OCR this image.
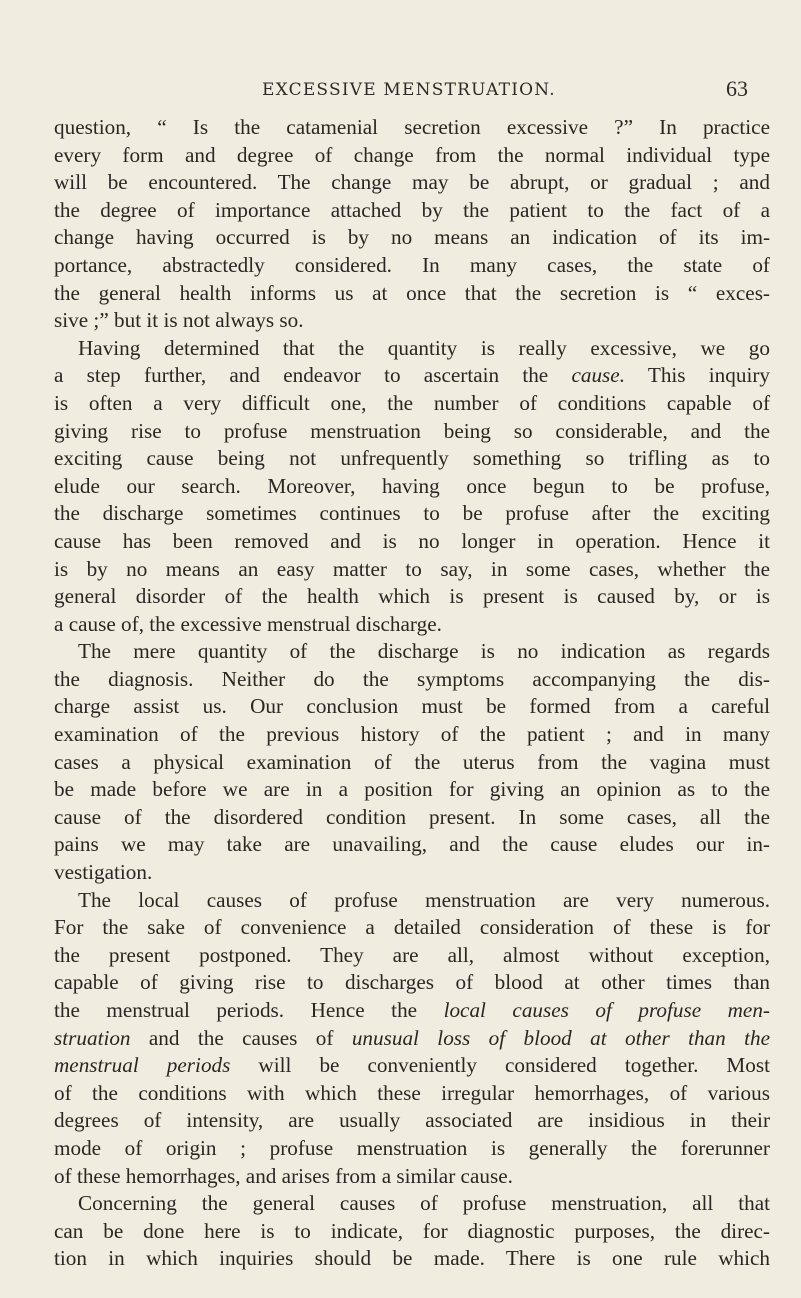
EXCESSIVE MENSTRUATION.	63
question, “ Is the catamenial secretion excessive ?” In practice
every form and degree of change from the normal individual type
will be encountered. The change may be abrupt, or gradual ; and
the degree of importance attached by the patient to the fact of a
change having occurred is by no means an indication of its im-
portance, abstractedly considered. In many cases, the state of
the general health informs us at once that the secretion is “ exces-
sive ;” but it is not always so.
Having determined that the quantity is really excessive, we go
a step further, and endeavor to ascertain the cause. This inquiry
is often a very difficult one, the number of conditions capable of
giving rise to profuse menstruation being so considerable, and the
exciting cause being not unfrequently something so trifling as to
elude our search. Moreover, having once begun to be profuse,
the discharge sometimes continues to be profuse after the exciting
cause has been removed and is no longer in operation. Hence it
is by no means an easy matter to say, in some cases, whether the
general disorder of the health which is present is caused by, or is
a cause of, the excessive menstrual discharge.
The mere quantity of the discharge is no indication as regards
the diagnosis. Neither do the symptoms accompanying the dis-
charge assist us. Our conclusion must be formed from a careful
examination of the previous history of the patient ; and in many
cases a physical examination of the uterus from the vagina must
be made before we are in a position for giving an opinion as to the
cause of the disordered condition present. In some cases, all the
pains we may take are unavailing, and the cause eludes our in-
vestigation.
The local causes of profuse menstruation are very numerous.
For the sake of convenience a detailed consideration of these is for
the present postponed. They are all, almost without exception,
capable of giving rise to discharges of blood at other times than
the menstrual periods. Hence the local causes of profuse men-
struation and the causes of unusual loss of blood at other than the
menstrual periods will be conveniently considered together. Most
of the conditions with which these irregular hemorrhages, of various
degrees of intensity, are usually associated are insidious in their
mode of origin ; profuse menstruation is generally the forerunner
of these hemorrhages, and arises from a similar cause.
Concerning the general causes of profuse menstruation, all that
can be done here is to indicate, for diagnostic purposes, the direc-
tion in which inquiries should be made. There is one rule which
